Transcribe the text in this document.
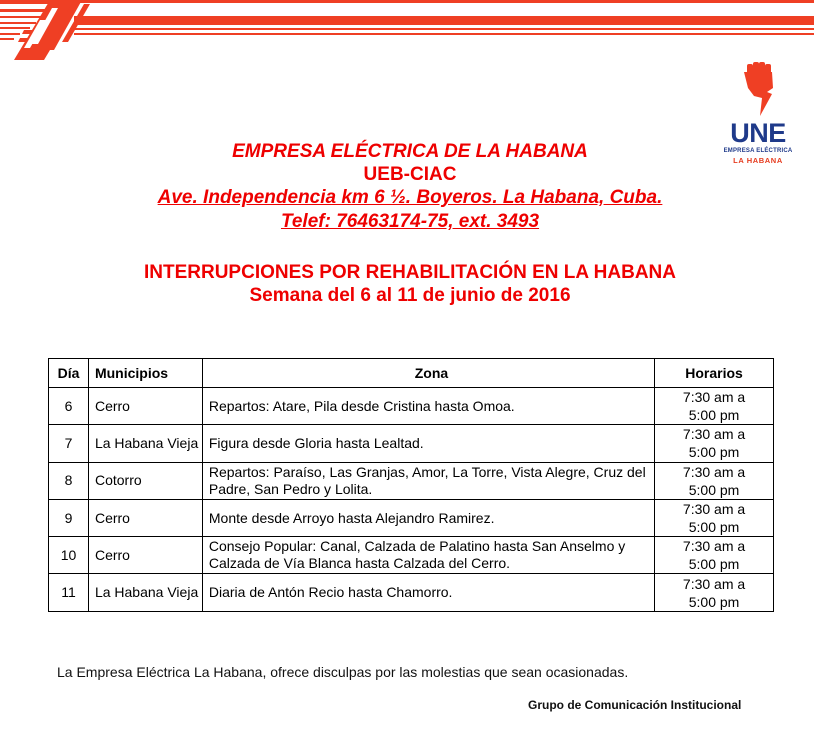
UNE
EMPRESA ELÉCTRICA
LA HABANA
EMPRESA ELÉCTRICA DE LA HABANA
UEB-CIAC
Ave. Independencia km 6 ½. Boyeros. La Habana, Cuba.
Telef: 76463174-75, ext. 3493
INTERRUPCIONES POR REHABILITACIÓN EN LA HABANA
Semana del 6 al 11 de junio de 2016
Día	Municipios	Zona	Horarios
6	Cerro	Repartos: Atare, Pila desde Cristina hasta Omoa.	7:30 am a
5:00 pm

7	La Habana Vieja	Figura desde Gloria hasta Lealtad.	7:30 am a
5:00 pm

8	Cotorro	Repartos: Paraíso, Las Granjas, Amor, La Torre, Vista Alegre, Cruz del Padre, San Pedro y Lolita.	7:30 am a
5:00 pm

9	Cerro	Monte desde Arroyo hasta Alejandro Ramirez.	7:30 am a
5:00 pm

10	Cerro	Consejo Popular: Canal, Calzada de Palatino hasta San Anselmo y Calzada de Vía Blanca hasta Calzada del Cerro.	7:30 am a
5:00 pm

11	La Habana Vieja	Diaria de Antón Recio hasta Chamorro.	7:30 am a
5:00 pm
La Empresa Eléctrica La Habana, ofrece disculpas por las molestias que sean ocasionadas.
Grupo de Comunicación Institucional
